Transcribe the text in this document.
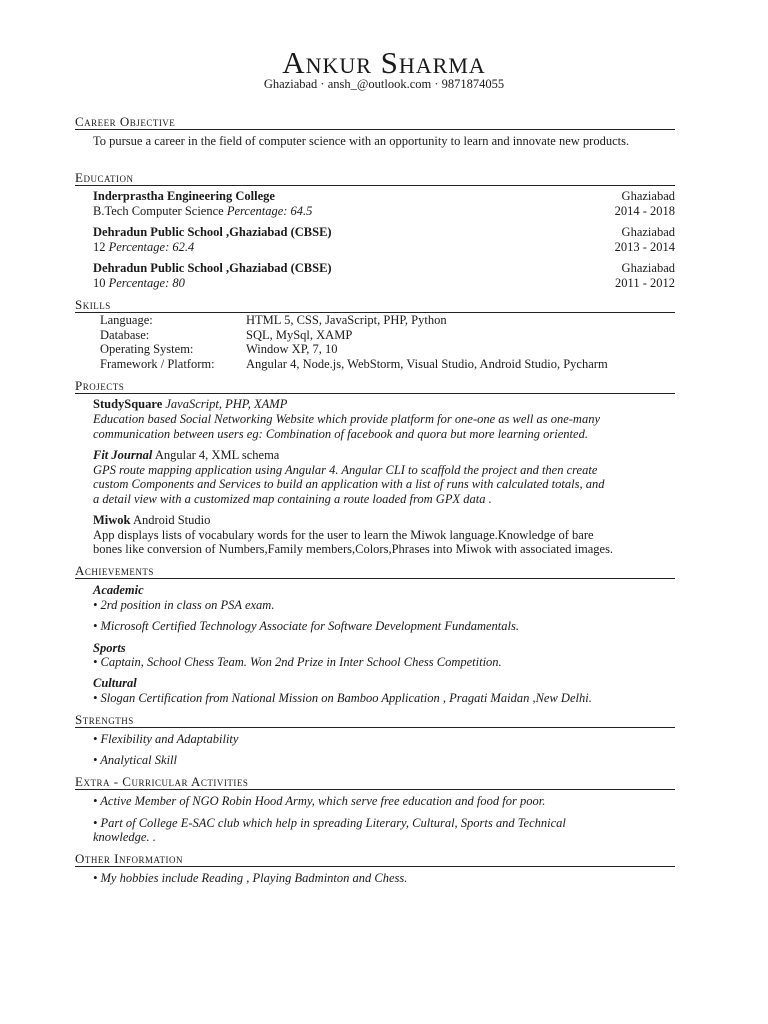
Ankur Sharma
Ghaziabad · ansh_@outlook.com · 9871874055
Career Objective
To pursue a career in the field of computer science with an opportunity to learn and innovate new products.
Education
Inderprastha Engineering College	Ghaziabad
B.Tech Computer Science Percentage: 64.5	2014 - 2018
Dehradun Public School ,Ghaziabad (CBSE)	Ghaziabad
12 Percentage: 62.4	2013 - 2014
Dehradun Public School ,Ghaziabad (CBSE)	Ghaziabad
10 Percentage: 80	2011 - 2012
Skills
Language:	HTML 5, CSS, JavaScript, PHP, Python
Database:	SQL, MySql, XAMP
Operating System:	Window XP, 7, 10
Framework / Platform:	Angular 4, Node.js, WebStorm, Visual Studio, Android Studio, Pycharm
Projects
StudySquare JavaScript, PHP, XAMP
Education based Social Networking Website which provide platform for one-one as well as one-many
communication between users eg: Combination of facebook and quora but more learning oriented.
Fit Journal Angular 4, XML schema
GPS route mapping application using Angular 4. Angular CLI to scaffold the project and then create
custom Components and Services to build an application with a list of runs with calculated totals, and
a detail view with a customized map containing a route loaded from GPX data .
Miwok Android Studio
App displays lists of vocabulary words for the user to learn the Miwok language.Knowledge of bare
bones like conversion of Numbers,Family members,Colors,Phrases into Miwok with associated images.
Achievements
Academic
• 2rd position in class on PSA exam.
• Microsoft Certified Technology Associate for Software Development Fundamentals.
Sports
• Captain, School Chess Team. Won 2nd Prize in Inter School Chess Competition.
Cultural
• Slogan Certification from National Mission on Bamboo Application , Pragati Maidan ,New Delhi.
Strengths
• Flexibility and Adaptability
• Analytical Skill
Extra - Curricular Activities
• Active Member of NGO Robin Hood Army, which serve free education and food for poor.
• Part of College E-SAC club which help in spreading Literary, Cultural, Sports and Technical
knowledge. .
Other Information
• My hobbies include Reading , Playing Badminton and Chess.
